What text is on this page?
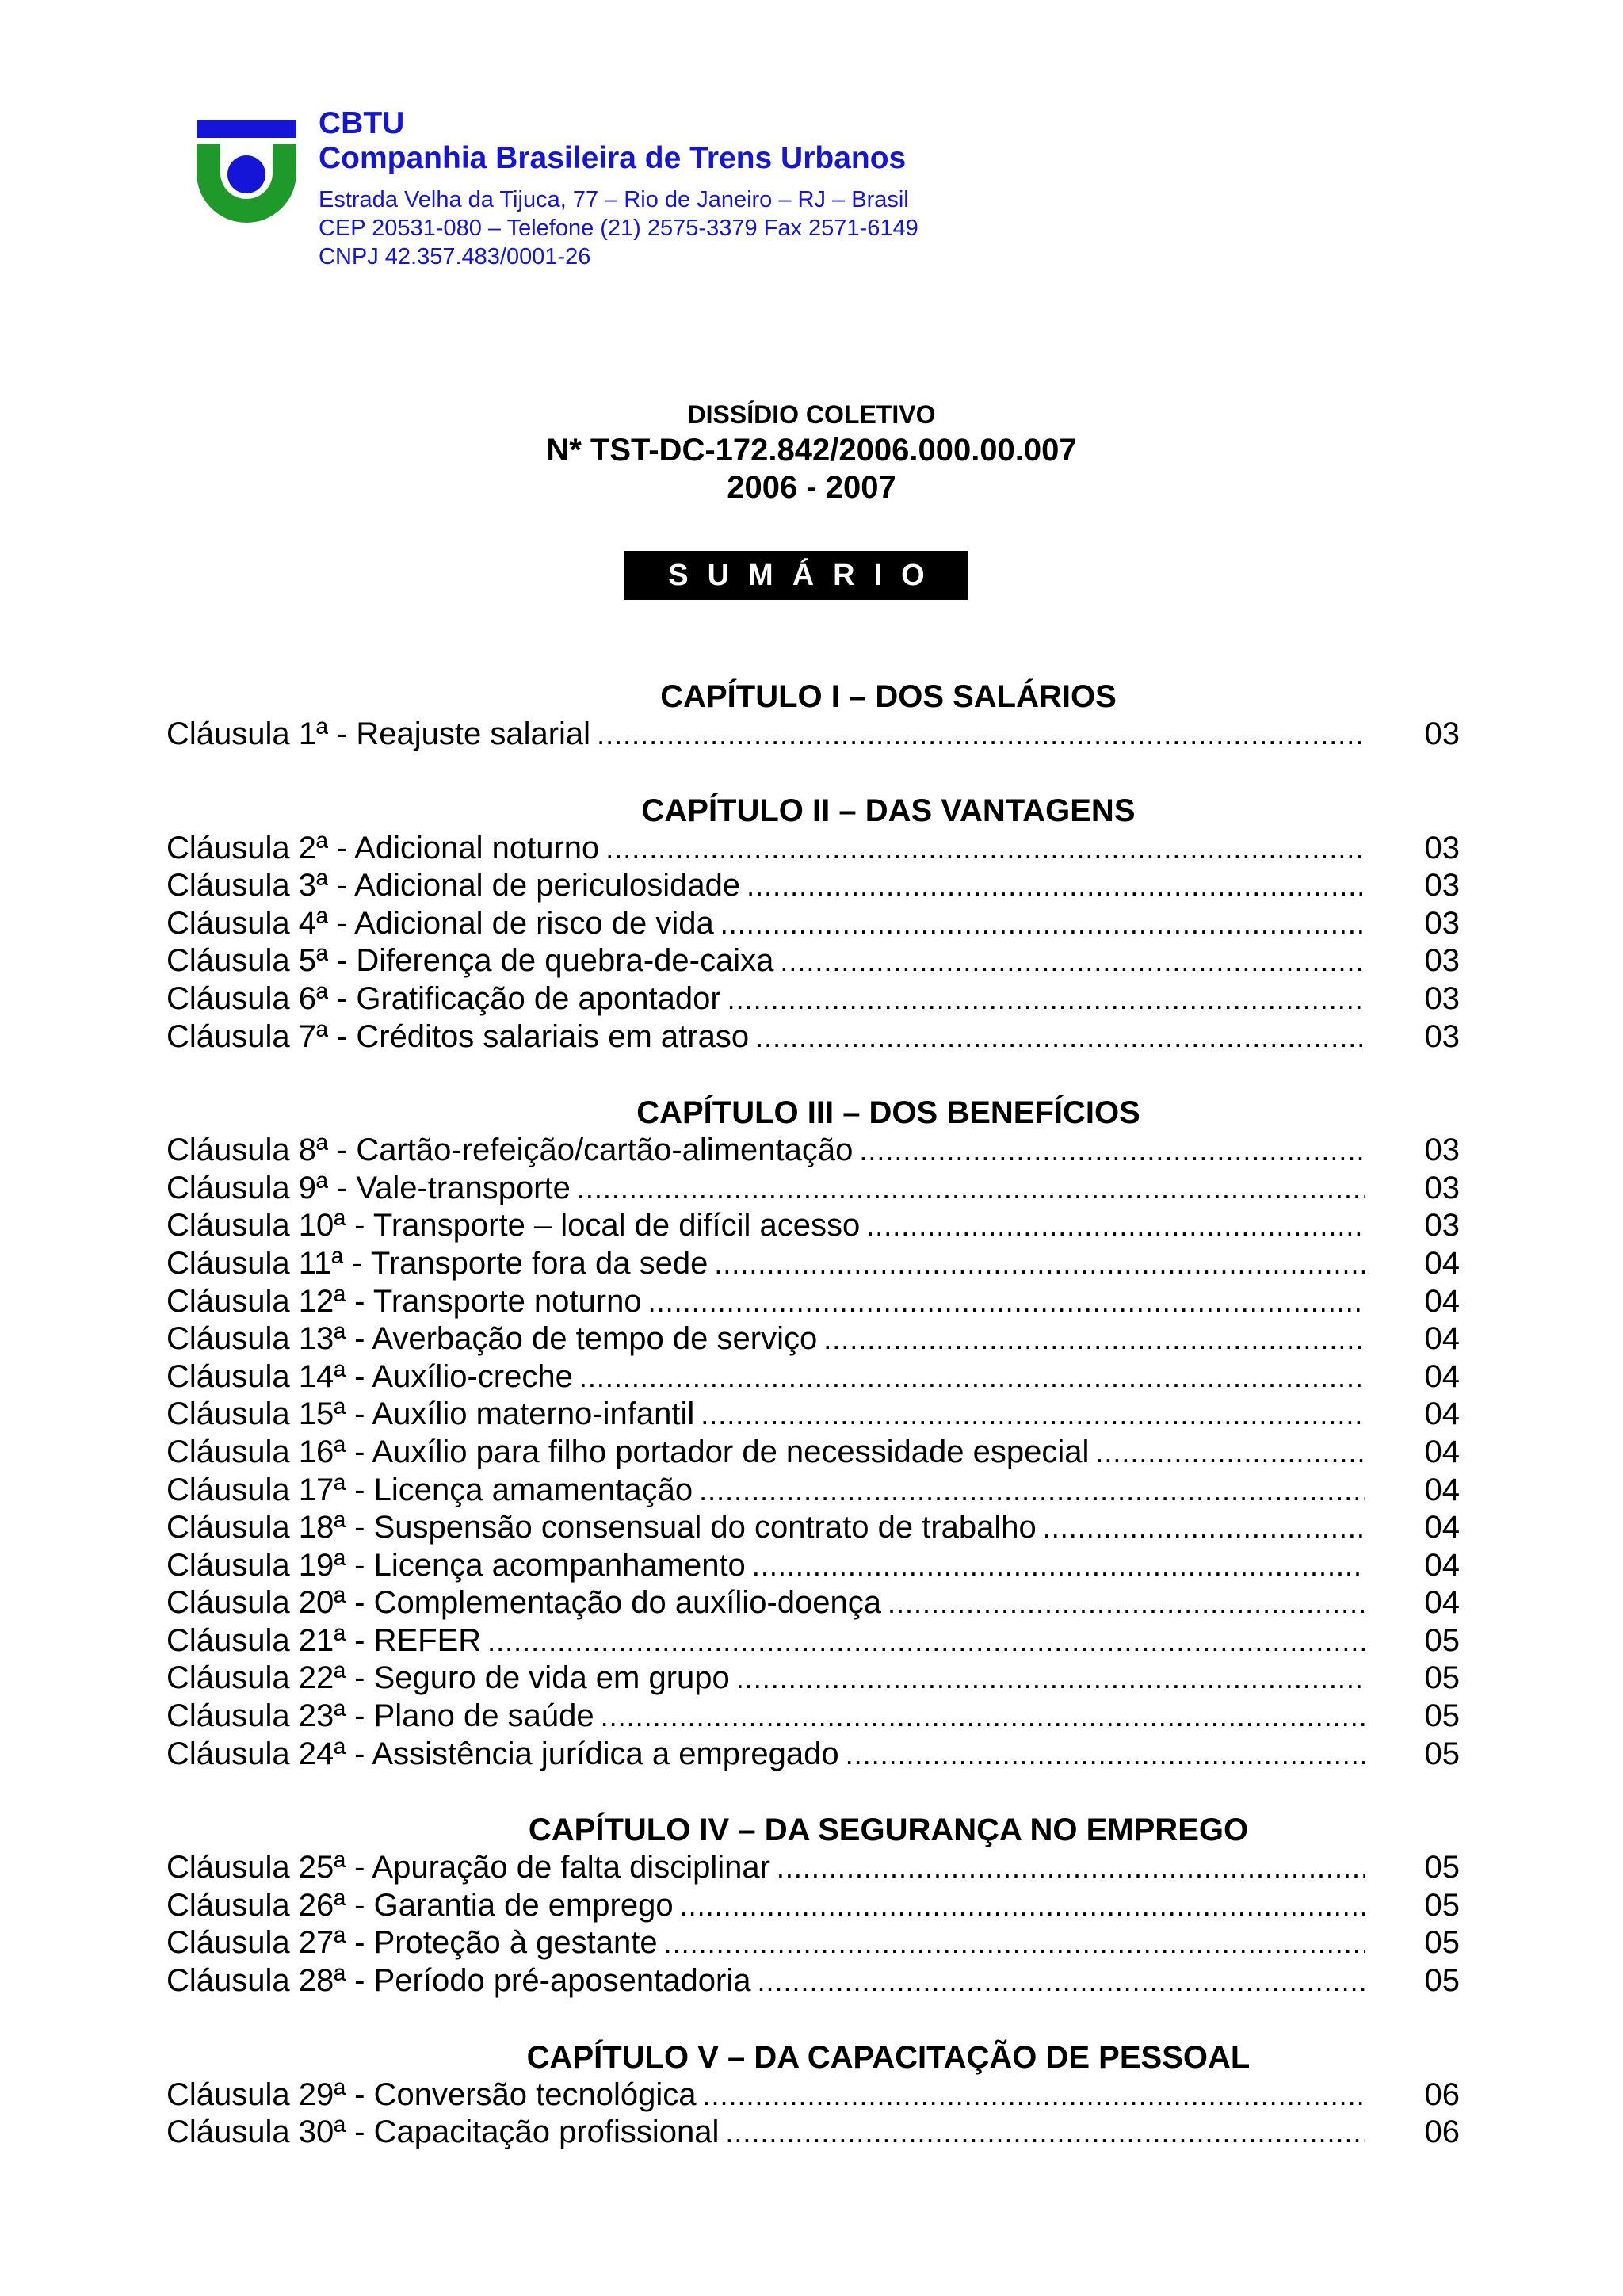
CBTU
Companhia Brasileira de Trens Urbanos
Estrada Velha da Tijuca, 77 – Rio de Janeiro – RJ – Brasil
CEP 20531-080 – Telefone (21) 2575-3379 Fax 2571-6149
CNPJ 42.357.483/0001-26
DISSÍDIO COLETIVO
N* TST-DC-172.842/2006.000.00.007
2006 - 2007
SUMÁRIO
CAPÍTULO I – DOS SALÁRIOS
Cláusula 1ª - Reajuste salarial .....	03
CAPÍTULO II – DAS VANTAGENS
Cláusula 2ª - Adicional noturno .....	03
Cláusula 3ª - Adicional de periculosidade .....	03
Cláusula 4ª - Adicional de risco de vida .....	03
Cláusula 5ª - Diferença de quebra-de-caixa .....	03
Cláusula 6ª - Gratificação de apontador .....	03
Cláusula 7ª - Créditos salariais em atraso .....	03
CAPÍTULO III – DOS BENEFÍCIOS
Cláusula 8ª - Cartão-refeição/cartão-alimentação .....	03
Cláusula 9ª - Vale-transporte .....	03
Cláusula 10ª - Transporte – local de difícil acesso .....	03
Cláusula 11ª - Transporte fora da sede .....	04
Cláusula 12ª - Transporte noturno .....	04
Cláusula 13ª - Averbação de tempo de serviço .....	04
Cláusula 14ª - Auxílio-creche .....	04
Cláusula 15ª - Auxílio materno-infantil .....	04
Cláusula 16ª - Auxílio para filho portador de necessidade especial .....	04
Cláusula 17ª - Licença amamentação .....	04
Cláusula 18ª - Suspensão consensual do contrato de trabalho .....	04
Cláusula 19ª - Licença acompanhamento .....	04
Cláusula 20ª - Complementação do auxílio-doença .....	04
Cláusula 21ª - REFER .....	05
Cláusula 22ª - Seguro de vida em grupo .....	05
Cláusula 23ª - Plano de saúde .....	05
Cláusula 24ª - Assistência jurídica a empregado .....	05
CAPÍTULO IV – DA SEGURANÇA NO EMPREGO
Cláusula 25ª - Apuração de falta disciplinar .....	05
Cláusula 26ª - Garantia de emprego .....	05
Cláusula 27ª - Proteção à gestante .....	05
Cláusula 28ª - Período pré-aposentadoria .....	05
CAPÍTULO V – DA CAPACITAÇÃO DE PESSOAL
Cláusula 29ª - Conversão tecnológica .....	06
Cláusula 30ª - Capacitação profissional .....	06
